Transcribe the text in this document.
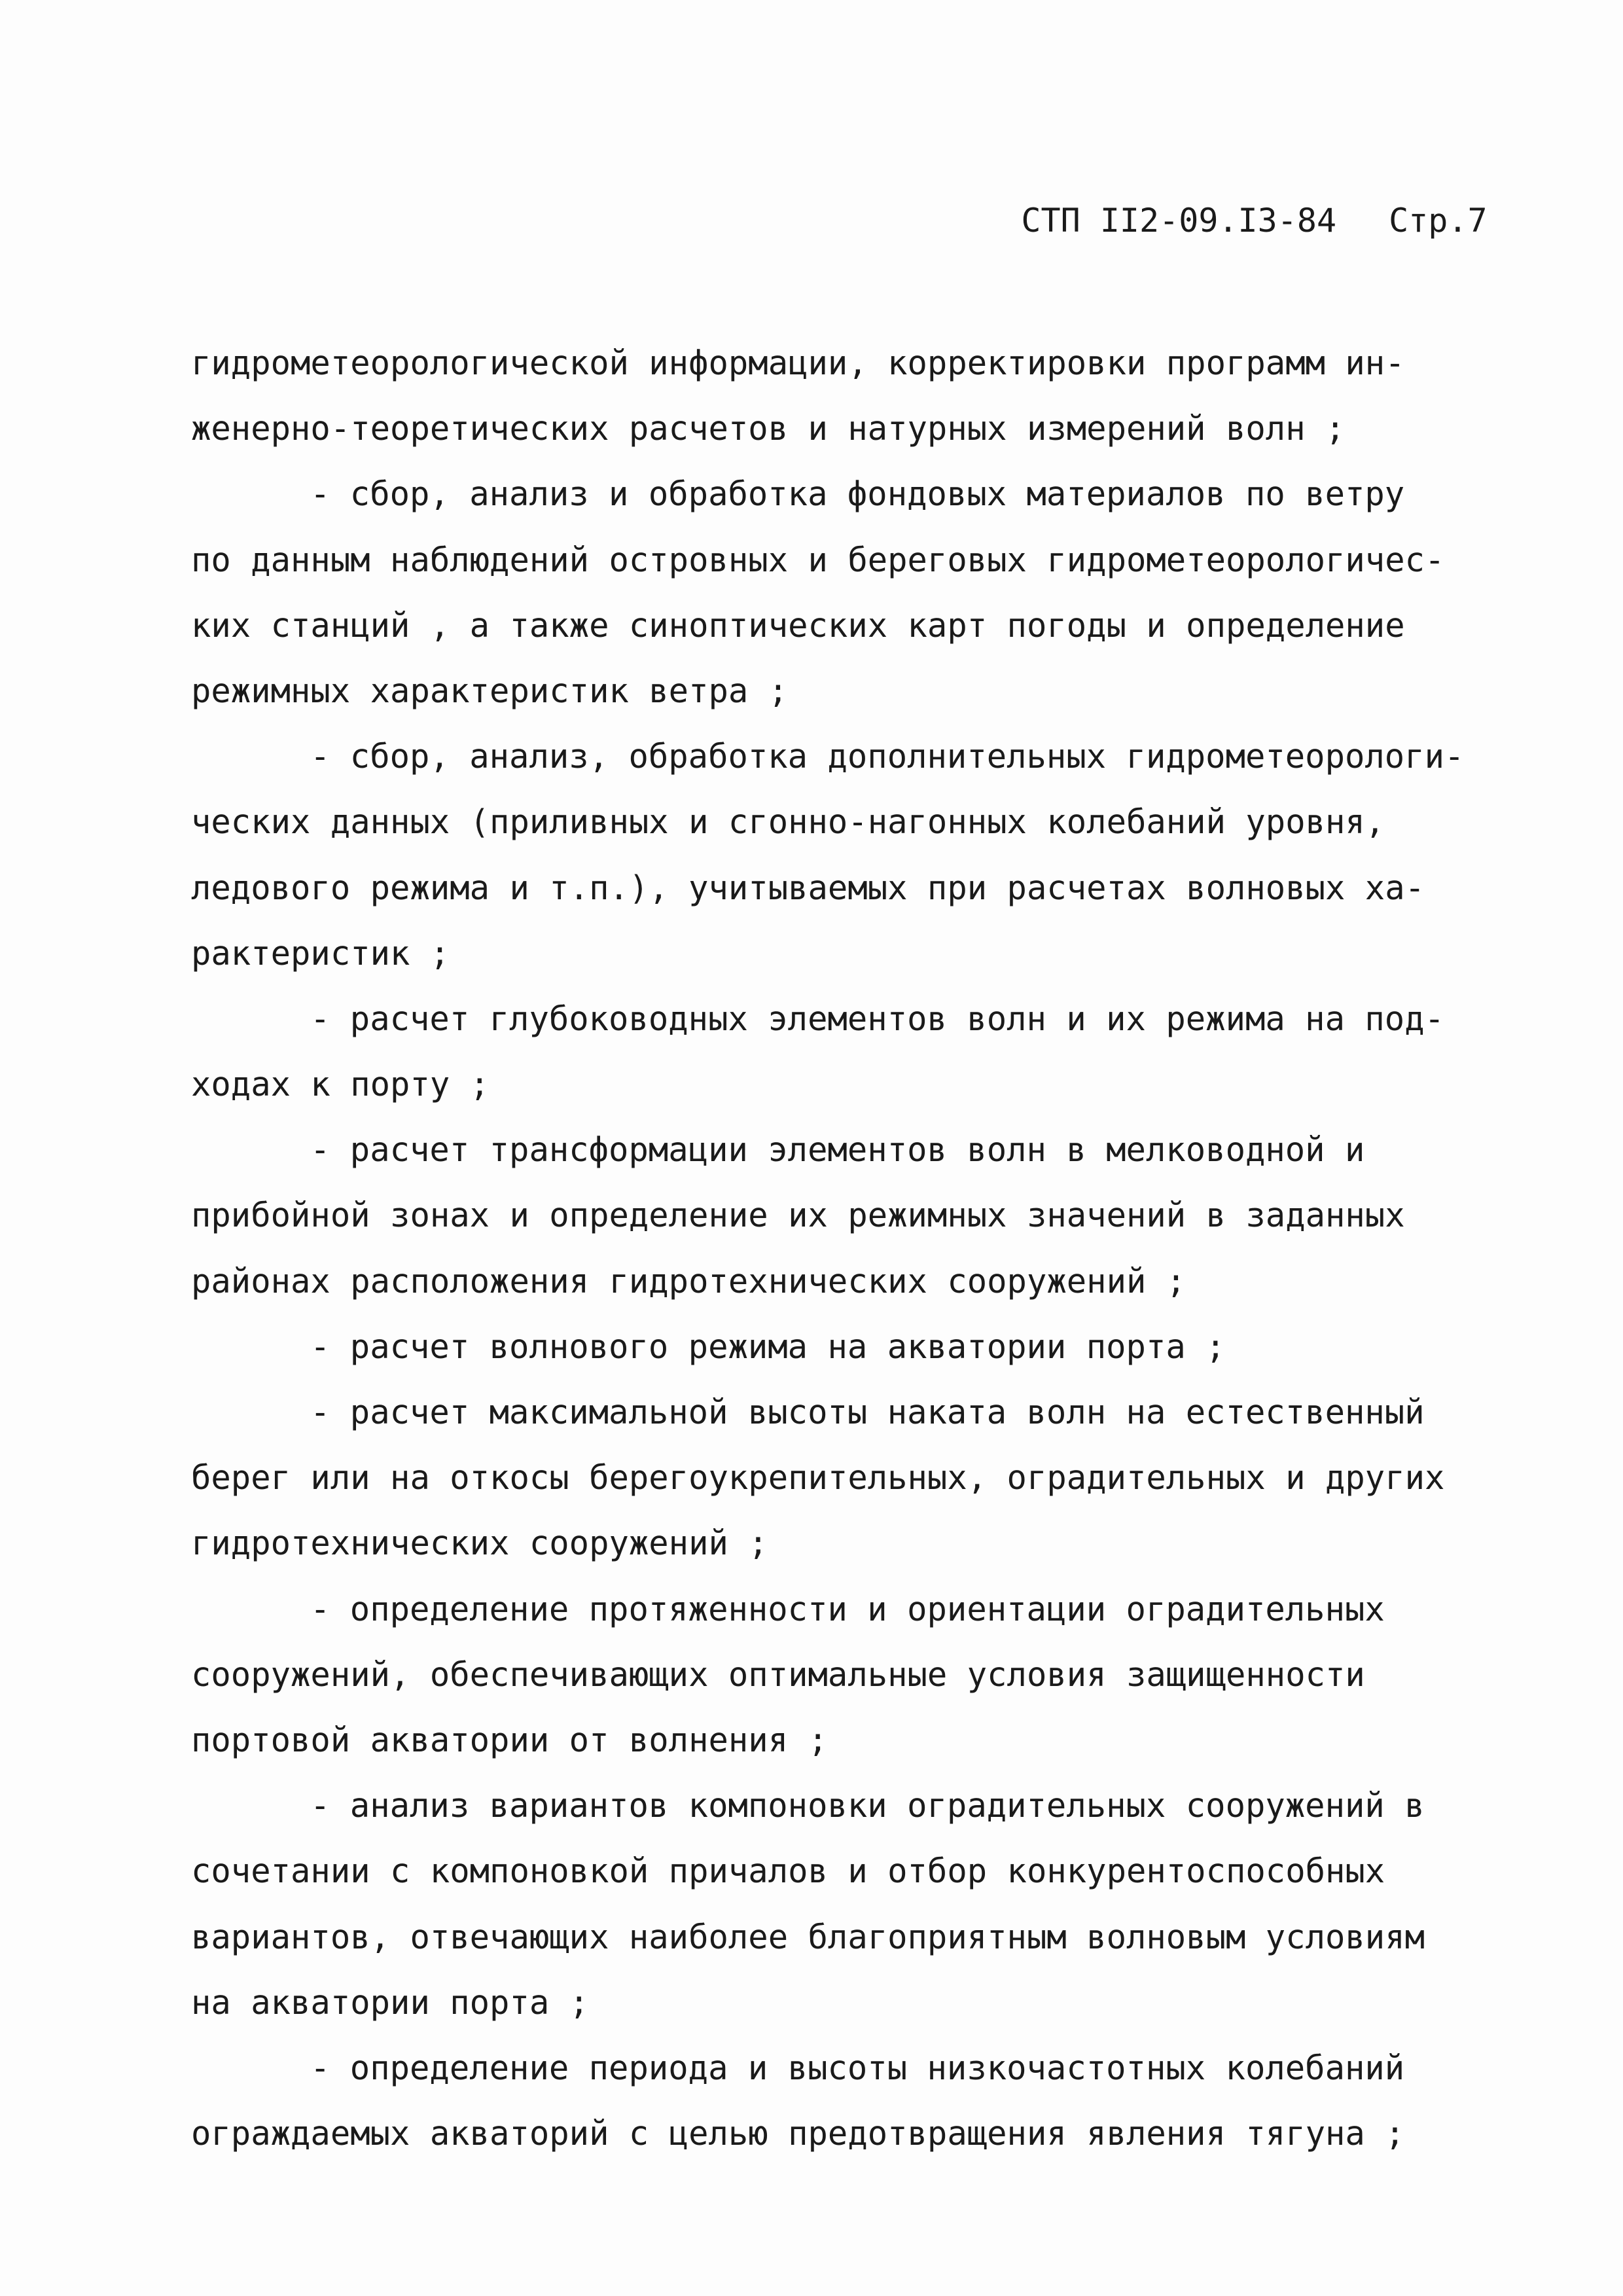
СТП II2-09.I3-84 Стр.7

гидрометеорологической информации, корректировки программ ин-
женерно-теоретических расчетов и натурных измерений волн ;
- сбор, анализ и обработка фондовых материалов по ветру
по данным наблюдений островных и береговых гидрометеорологичес-
ких станций , а также синоптических карт погоды и определение
режимных характеристик ветра ;
- сбор, анализ, обработка дополнительных гидрометеорологи-
ческих данных (приливных и сгонно-нагонных колебаний уровня,
ледового режима и т.п.), учитываемых при расчетах волновых ха-
рактеристик ;
- расчет глубоководных элементов волн и их режима на под-
ходах к порту ;
- расчет трансформации элементов волн в мелководной и
прибойной зонах и определение их режимных значений в заданных
районах расположения гидротехнических сооружений ;
- расчет волнового режима на акватории порта ;
- расчет максимальной высоты наката волн на естественный
берег или на откосы берегоукрепительных, оградительных и других
гидротехнических сооружений ;
- определение протяженности и ориентации оградительных
сооружений, обеспечивающих оптимальные условия защищенности
портовой акватории от волнения ;
- анализ вариантов компоновки оградительных сооружений в
сочетании с компоновкой причалов и отбор конкурентоспособных
вариантов, отвечающих наиболее благоприятным волновым условиям
на акватории порта ;
- определение периода и высоты низкочастотных колебаний
ограждаемых акваторий с целью предотвращения явления тягуна ;
